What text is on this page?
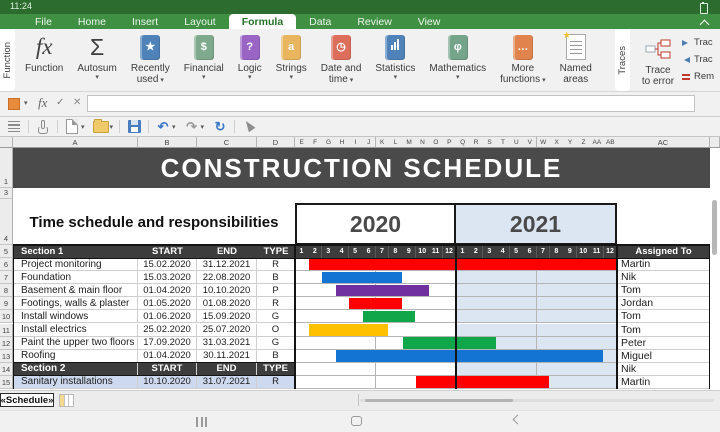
11:24
File	Home	Insert	Layout	Formula	Data	Review	View
Function fx
Function
Σ
Autosum
▾
★
Recently
used ▾
$
Financial
▾
?
Logic
▾
a
Strings
▾
◷
Date and
time ▾
Statistics
▾
φ
Mathematics
▾
…
More
functions ▾
★
Named
areas
Traces Trace
to error
Trac
Trac
Rem
▾ fx ✓ ✕
▾	▾	↶ ▾ ↷ ▾ ↻
A	B	C	D	E	F	G	H	I	J	K	L	M	N	O	P	Q	R	S	T	U	V	W	X	Y	Z	AA AB	AC
1
3
4
5
6
7
8
9
10
11
12
13
14
15
CONSTRUCTION SCHEDULE
Time schedule and responsibilities	2020	2021
Section 1	START	END	TYPE	1	2	3	4	5	6	7	8	9	10 11 12	1	2	3	4	5	6	7	8	9	10 11 12	Assigned To
Project monitoring	15.02.2020	31.12.2021	R	Martin
Foundation	15.03.2020	22.08.2020	B	Nik
Basement & main floor	01.04.2020	10.10.2020	P	Tom
Footings, walls & plaster	01.05.2020	01.08.2020	R	Jordan
Install windows	01.06.2020	15.09.2020	G	Tom
Install electrics	25.02.2020	25.07.2020	O	Tom
Paint the upper two floors 17.09.2020	31.03.2021	G	Peter
Roofing	01.04.2020	30.11.2021	B	Miguel
Section 2	START	END	TYPE	Nik
Sanitary installations	10.10.2020	31.07.2021	R	Martin
«Schedule»
